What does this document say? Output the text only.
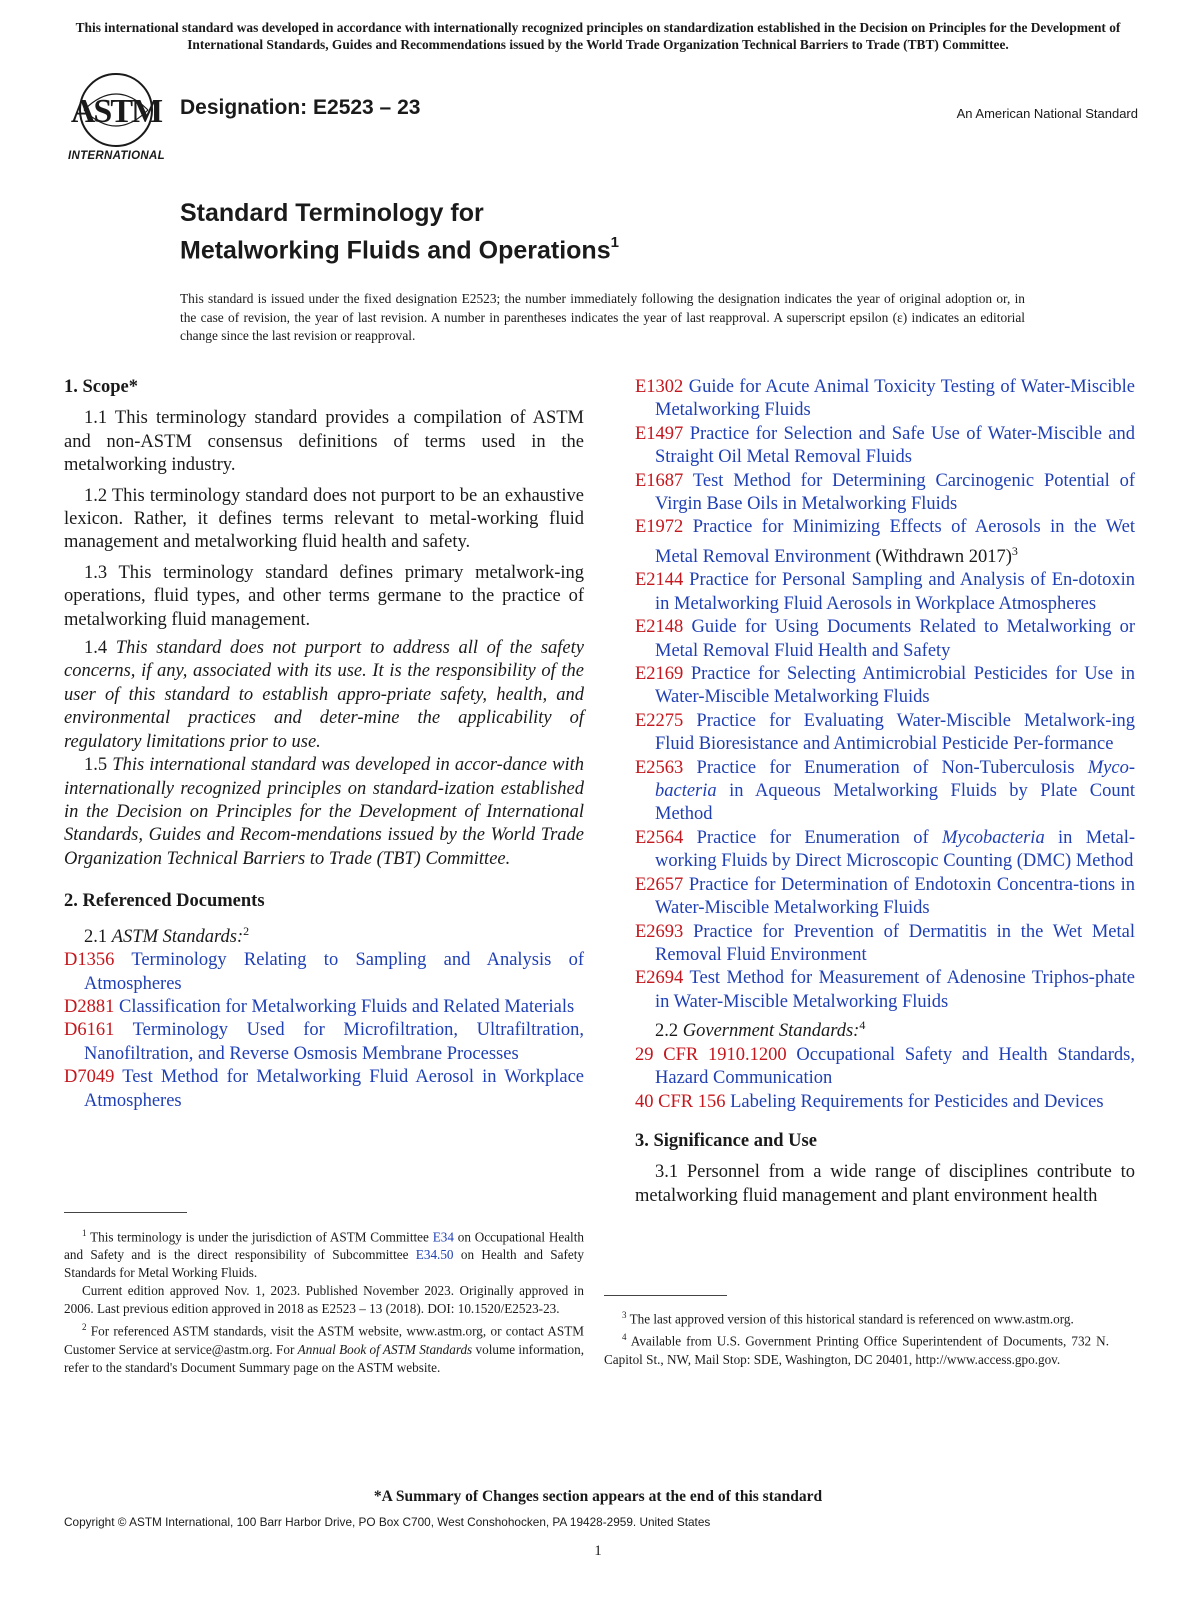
This international standard was developed in accordance with internationally recognized principles on standardization established in the Decision on Principles for the Development of International Standards, Guides and Recommendations issued by the World Trade Organization Technical Barriers to Trade (TBT) Committee.
ASTM
INTERNATIONAL
Designation: E2523 – 23	An American National Standard
Standard Terminology for
Metalworking Fluids and Operations$^1$
This standard is issued under the fixed designation E2523; the number immediately following the designation indicates the year of original adoption or, in the case of revision, the year of last revision. A number in parentheses indicates the year of last reapproval. A superscript epsilon (ε) indicates an editorial change since the last revision or reapproval.
1. Scope*

1.1 This terminology standard provides a compilation of ASTM and non-ASTM consensus definitions of terms used in the metalworking industry.

1.2 This terminology standard does not purport to be an exhaustive lexicon. Rather, it defines terms relevant to metal-working fluid management and metalworking fluid health and safety.

1.3 This terminology standard defines primary metalwork-ing operations, fluid types, and other terms germane to the practice of metalworking fluid management.

1.4 This standard does not purport to address all of the safety concerns, if any, associated with its use. It is the responsibility of the user of this standard to establish appro-priate safety, health, and environmental practices and deter-mine the applicability of regulatory limitations prior to use.

1.5 This international standard was developed in accor-dance with internationally recognized principles on standard-ization established in the Decision on Principles for the Development of International Standards, Guides and Recom-mendations issued by the World Trade Organization Technical Barriers to Trade (TBT) Committee.

2. Referenced Documents
2.1 ASTM Standards:$^2$

D1356 Terminology Relating to Sampling and Analysis of Atmospheres

D2881 Classification for Metalworking Fluids and Related Materials

D6161 Terminology Used for Microfiltration, Ultrafiltration, Nanofiltration, and Reverse Osmosis Membrane Processes

D7049 Test Method for Metalworking Fluid Aerosol in Workplace Atmospheres

$^1$ This terminology is under the jurisdiction of ASTM Committee E34 on Occupational Health and Safety and is the direct responsibility of Subcommittee E34.50 on Health and Safety Standards for Metal Working Fluids.

Current edition approved Nov. 1, 2023. Published November 2023. Originally approved in 2006. Last previous edition approved in 2018 as E2523 – 13 (2018). DOI: 10.1520/E2523-23.

$^2$ For referenced ASTM standards, visit the ASTM website, www.astm.org, or contact ASTM Customer Service at service@astm.org. For Annual Book of ASTM Standards volume information, refer to the standard's Document Summary page on the ASTM website.

E1302 Guide for Acute Animal Toxicity Testing of Water-Miscible Metalworking Fluids

E1497 Practice for Selection and Safe Use of Water-Miscible and Straight Oil Metal Removal Fluids

E1687 Test Method for Determining Carcinogenic Potential of Virgin Base Oils in Metalworking Fluids

E1972 Practice for Minimizing Effects of Aerosols in the Wet Metal Removal Environment (Withdrawn 2017)$^3$

E2144 Practice for Personal Sampling and Analysis of En-dotoxin in Metalworking Fluid Aerosols in Workplace Atmospheres

E2148 Guide for Using Documents Related to Metalworking or Metal Removal Fluid Health and Safety

E2169 Practice for Selecting Antimicrobial Pesticides for Use in Water-Miscible Metalworking Fluids

E2275 Practice for Evaluating Water-Miscible Metalwork-ing Fluid Bioresistance and Antimicrobial Pesticide Per-formance

E2563 Practice for Enumeration of Non-Tuberculosis Myco-bacteria in Aqueous Metalworking Fluids by Plate Count Method

E2564 Practice for Enumeration of Mycobacteria in Metal-working Fluids by Direct Microscopic Counting (DMC) Method

E2657 Practice for Determination of Endotoxin Concentra-tions in Water-Miscible Metalworking Fluids

E2693 Practice for Prevention of Dermatitis in the Wet Metal Removal Fluid Environment

E2694 Test Method for Measurement of Adenosine Triphos-phate in Water-Miscible Metalworking Fluids

2.2 Government Standards:$^4$

29 CFR 1910.1200 Occupational Safety and Health Standards, Hazard Communication

40 CFR 156 Labeling Requirements for Pesticides and Devices

3. Significance and Use

3.1 Personnel from a wide range of disciplines contribute to metalworking fluid management and plant environment health

$^3$ The last approved version of this historical standard is referenced on www.astm.org.

$^4$ Available from U.S. Government Printing Office Superintendent of Documents, 732 N. Capitol St., NW, Mail Stop: SDE, Washington, DC 20401, http://www.access.gpo.gov.

*A Summary of Changes section appears at the end of this standard
Copyright © ASTM International, 100 Barr Harbor Drive, PO Box C700, West Conshohocken, PA 19428-2959. United States
1
